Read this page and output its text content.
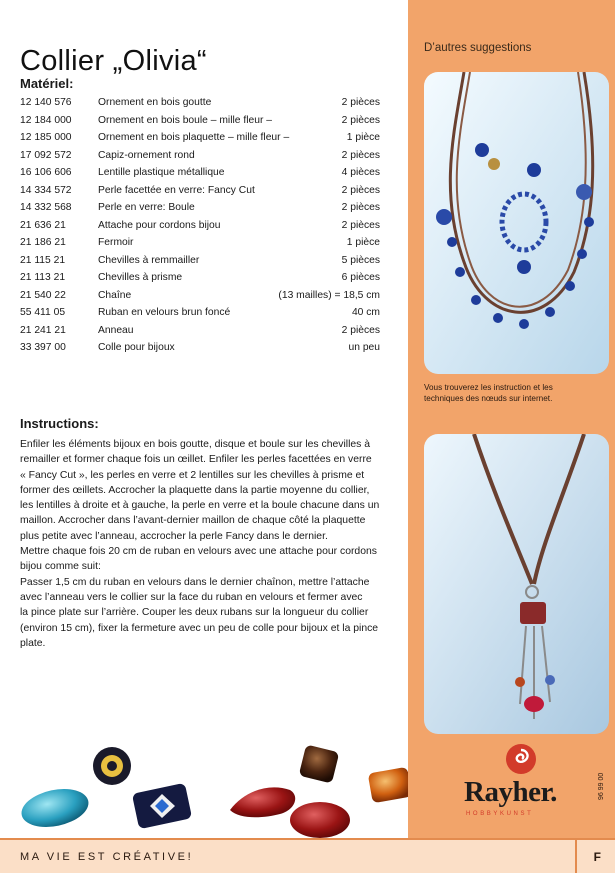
Collier „Olivia“
Matériel:
12 140 576	Ornement en bois goutte	2 pièces
12 184 000	Ornement en bois boule – mille fleur –	2 pièces
12 185 000	Ornement en bois plaquette – mille fleur –	1 pièce
17 092 572	Capiz-ornement rond	2 pièces
16 106 606	Lentille plastique métallique	4 pièces
14 334 572	Perle facettée en verre: Fancy Cut	2 pièces
14 332 568	Perle en verre: Boule	2 pièces
21 636 21	Attache pour cordons bijou	2 pièces
21 186 21	Fermoir	1 pièce
21 115 21	Chevilles à remmailler	5 pièces
21 113 21	Chevilles à prisme	6 pièces
21 540 22	Chaîne	(13 mailles) = 18,5 cm
55 411 05	Ruban en velours brun foncé	40 cm
21 241 21	Anneau	2 pièces
33 397 00	Colle pour bijoux	un peu
Instructions:
Enfiler les éléments bijoux en bois goutte, disque et boule sur les chevilles à
remailler et former chaque fois un œillet. Enfiler les perles facettées en verre
« Fancy Cut », les perles en verre et 2 lentilles sur les chevilles à prisme et
former des œillets. Accrocher la plaquette dans la partie moyenne du collier,
les lentilles à droite et à gauche, la perle en verre et la boule chacune dans un
maillon. Accrocher dans l’avant-dernier maillon de chaque côté la plaquette
plus petite avec l’anneau, accrocher la perle Fancy dans le dernier.
Mettre chaque fois 20 cm de ruban en velours avec une attache pour cordons
bijou comme suit:
Passer 1,5 cm du ruban en velours dans le dernier chaînon, mettre l’attache
avec l’anneau vers le collier sur la face du ruban en velours et fermer avec
la pince plate sur l’arrière. Couper les deux rubans sur la longueur du collier
(environ 15 cm), fixer la fermeture avec un peu de colle pour bijoux et la pince
plate.
D’autres suggestions
Vous trouverez les instruction et les
techniques des nœuds sur internet.
Rayher.
HOBBYKUNST
96 99 00
MA VIE EST CRÉATIVE!	F
